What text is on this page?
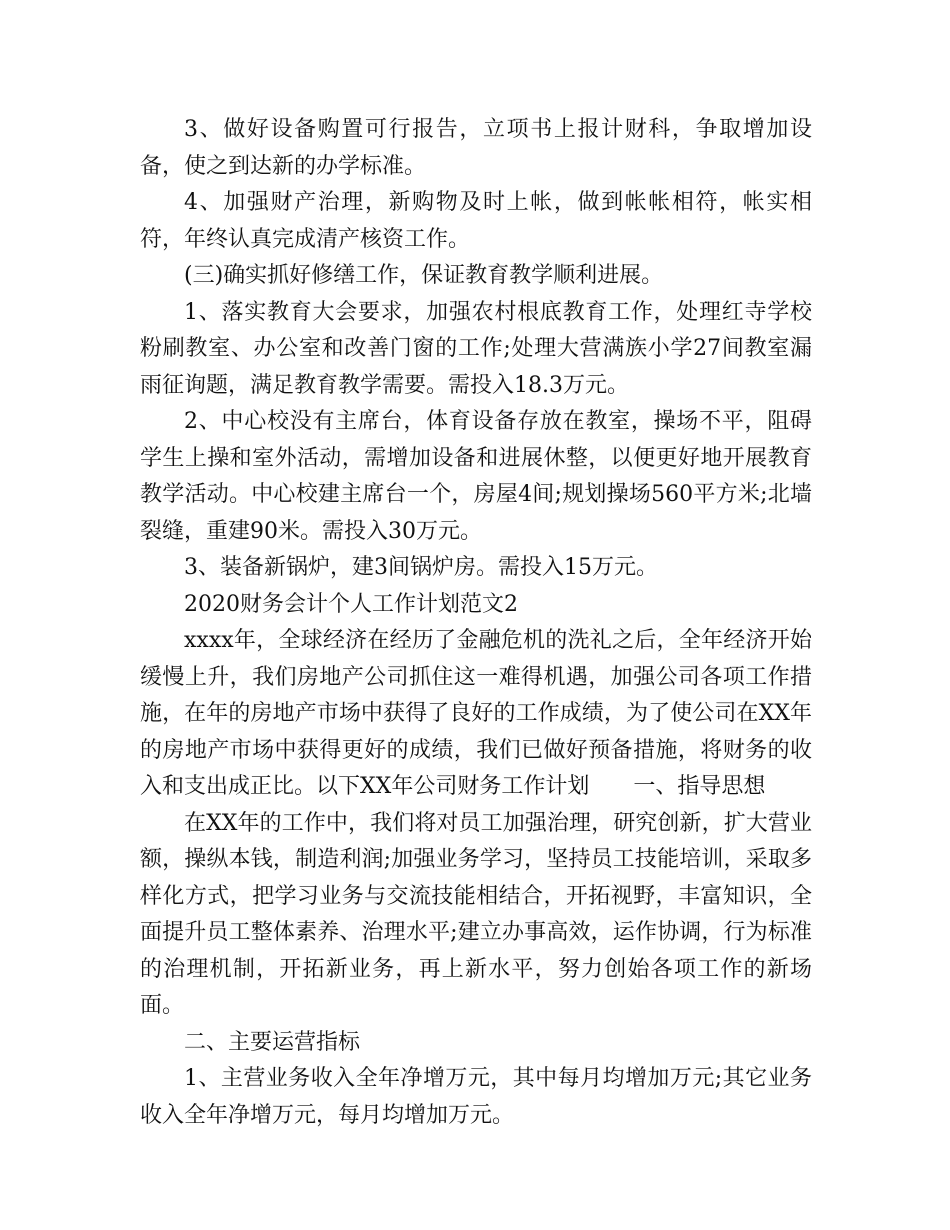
3、做好设备购置可行报告，立项书上报计财科，争取增加设备，使之到达新的办学标准。

4、加强财产治理，新购物及时上帐，做到帐帐相符，帐实相符，年终认真完成清产核资工作。

(三)确实抓好修缮工作，保证教育教学顺利进展。

1、落实教育大会要求，加强农村根底教育工作，处理红寺学校粉刷教室、办公室和改善门窗的工作;处理大营满族小学27间教室漏雨征询题，满足教育教学需要。需投入18.3万元。

2、中心校没有主席台，体育设备存放在教室，操场不平，阻碍学生上操和室外活动，需增加设备和进展休整，以便更好地开展教育教学活动。中心校建主席台一个，房屋4间;规划操场560平方米;北墙裂缝，重建90米。需投入30万元。

3、装备新锅炉，建3间锅炉房。需投入15万元。

2020财务会计个人工作计划范文2

xxxx年，全球经济在经历了金融危机的洗礼之后，全年经济开始缓慢上升，我们房地产公司抓住这一难得机遇，加强公司各项工作措施，在年的房地产市场中获得了良好的工作成绩，为了使公司在XX年的房地产市场中获得更好的成绩，我们已做好预备措施，将财务的收入和支出成正比。以下XX年公司财务工作计划　　一、指导思想

在XX年的工作中，我们将对员工加强治理，研究创新，扩大营业额，操纵本钱，制造利润;加强业务学习，坚持员工技能培训，采取多样化方式，把学习业务与交流技能相结合，开拓视野，丰富知识，全面提升员工整体素养、治理水平;建立办事高效，运作协调，行为标准的治理机制，开拓新业务，再上新水平，努力创始各项工作的新场面。

二、主要运营指标

1、主营业务收入全年净增万元，其中每月均增加万元;其它业务收入全年净增万元，每月均增加万元。
